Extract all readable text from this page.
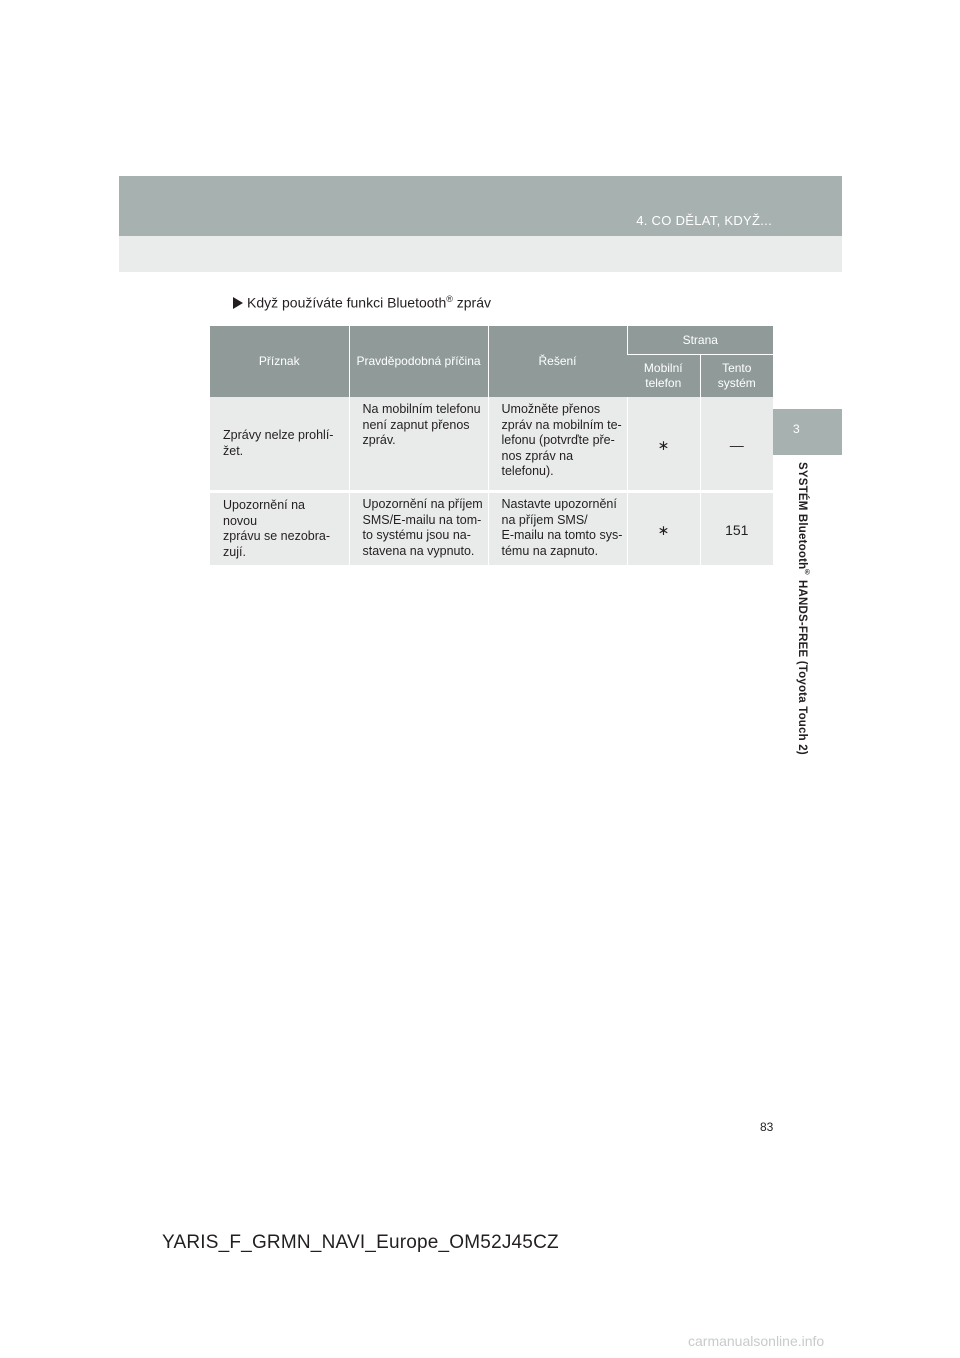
4. CO DĚLAT, KDYŽ...
3
SYSTÉM Bluetooth® HANDS-FREE (Toyota Touch 2)
Když používáte funkci Bluetooth® zpráv
Příznak	Pravděpodobná příčina	Řešení	Strana	
			Mobilní
telefon	Tento
systém
Zprávy nelze prohlí-
žet.	Na mobilním telefonu
není zapnut přenos
zpráv.	Umožněte přenos
zpráv na mobilním te-
lefonu (potvrďte pře-
nos zpráv na
telefonu).	∗	—
Upozornění na novou
zprávu se nezobra-
zují.	Upozornění na příjem
SMS/E-mailu na tom-
to systému jsou na-
stavena na vypnuto.	Nastavte upozornění
na příjem SMS/
E-mailu na tomto sys-
tému na zapnuto.	∗	151
83
YARIS_F_GRMN_NAVI_Europe_OM52J45CZ
carmanualsonline.info
